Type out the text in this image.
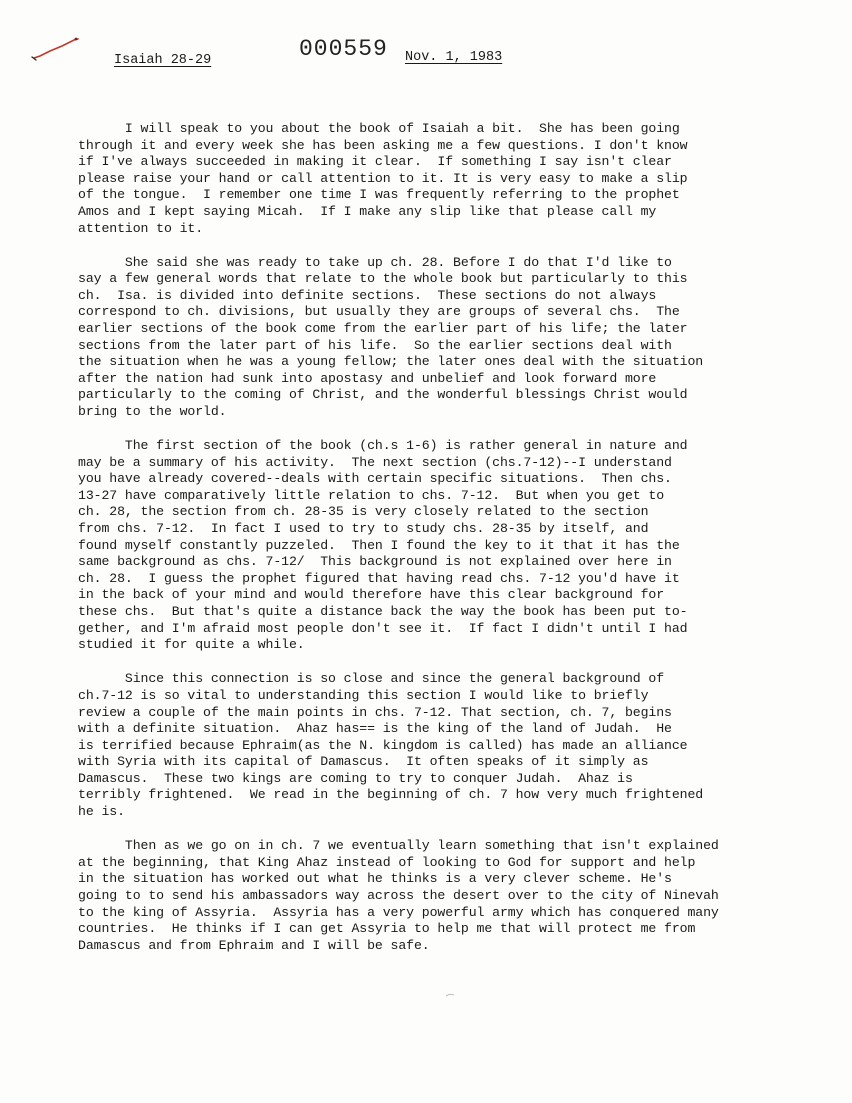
Isaiah 28-29	000559 Nov. 1, 1983
I will speak to you about the book of Isaiah a bit.  She has been going
through it and every week she has been asking me a few questions. I don't know
if I've always succeeded in making it clear.  If something I say isn't clear
please raise your hand or call attention to it. It is very easy to make a slip
of the tongue.  I remember one time I was frequently referring to the prophet
Amos and I kept saying Micah.  If I make any slip like that please call my
attention to it.
She said she was ready to take up ch. 28. Before I do that I'd like to
say a few general words that relate to the whole book but particularly to this
ch.  Isa. is divided into definite sections.  These sections do not always
correspond to ch. divisions, but usually they are groups of several chs.  The
earlier sections of the book come from the earlier part of his life; the later
sections from the later part of his life.  So the earlier sections deal with
the situation when he was a young fellow; the later ones deal with the situation
after the nation had sunk into apostasy and unbelief and look forward more
particularly to the coming of Christ, and the wonderful blessings Christ would
bring to the world.
The first section of the book (ch.s 1-6) is rather general in nature and
may be a summary of his activity.  The next section (chs.7-12)--I understand
you have already covered--deals with certain specific situations.  Then chs.
13-27 have comparatively little relation to chs. 7-12.  But when you get to
ch. 28, the section from ch. 28-35 is very closely related to the section
from chs. 7-12.  In fact I used to try to study chs. 28-35 by itself, and
found myself constantly puzzeled.  Then I found the key to it that it has the
same background as chs. 7-12/  This background is not explained over here in
ch. 28.  I guess the prophet figured that having read chs. 7-12 you'd have it
in the back of your mind and would therefore have this clear background for
these chs.  But that's quite a distance back the way the book has been put to-
gether, and I'm afraid most people don't see it.  If fact I didn't until I had
studied it for quite a while.
Since this connection is so close and since the general background of
ch.7-12 is so vital to understanding this section I would like to briefly
review a couple of the main points in chs. 7-12. That section, ch. 7, begins
with a definite situation.  Ahaz has== is the king of the land of Judah.  He
is terrified because Ephraim(as the N. kingdom is called) has made an alliance
with Syria with its capital of Damascus.  It often speaks of it simply as
Damascus.  These two kings are coming to try to conquer Judah.  Ahaz is
terribly frightened.  We read in the beginning of ch. 7 how very much frightened
he is.
Then as we go on in ch. 7 we eventually learn something that isn't explained
at the beginning, that King Ahaz instead of looking to God for support and help
in the situation has worked out what he thinks is a very clever scheme. He's
going to to send his ambassadors way across the desert over to the city of Ninevah
to the king of Assyria.  Assyria has a very powerful army which has conquered many
countries.  He thinks if I can get Assyria to help me that will protect me from
Damascus and from Ephraim and I will be safe.
